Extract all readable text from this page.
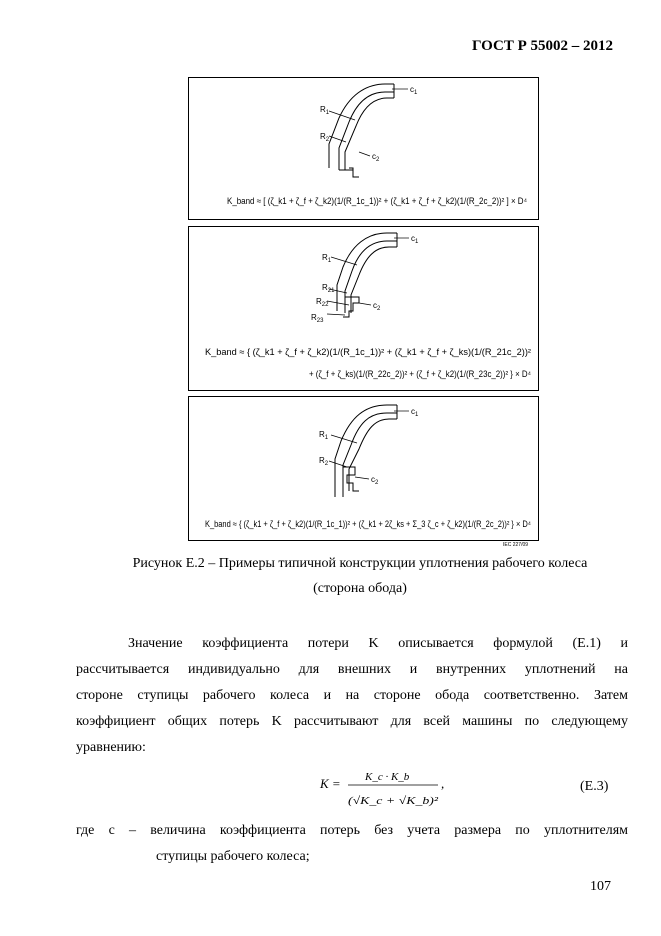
ГОСТ Р 55002 – 2012
$c_1$
$R_1$
$R_2$
$c_2$
K_band ≈ [ (ζ_k1 + ζ_f + ζ_k2)(1/(R_1c_1))² + (ζ_k1 + ζ_f + ζ_k2)(1/(R_2c_2))² ] × D⁴
$c_1$
$R_1$
$R_{21}$
$R_{22}$	$c_2$
$R_{23}$
K_band ≈ { (ζ_k1 + ζ_f + ζ_k2)(1/(R_1c_1))² + (ζ_k1 + ζ_f + ζ_ks)(1/(R_21c_2))²
+ (ζ_f + ζ_ks)(1/(R_22c_2))² + (ζ_f + ζ_k2)(1/(R_23c_2))² } × D⁴
$c_1$
$R_1$
$R_2$
$c_2$
K_band ≈ { (ζ_k1 + ζ_f + ζ_k2)(1/(R_1c_1))² + (ζ_k1 + 2ζ_ks + Σ_3 ζ_c + ζ_k2)(1/(R_2c_2))² } × D⁴
IEC 227/09
Рисунок Е.2 – Примеры типичной конструкции уплотнения рабочего колеса
(сторона обода)
Значение коэффициента потери K описывается формулой (Е.1) и
рассчитывается индивидуально для внешних и внутренних уплотнений на
стороне ступицы рабочего колеса и на стороне обода соответственно. Затем
коэффициент общих потерь K рассчитывают для всей машины по следующему
уравнению:
K = K_c · K_b
(√K_c + √K_b)²
,	(Е.3)
где c – величина коэффициента потерь без учета размера по уплотнителям
ступицы рабочего колеса;
107
